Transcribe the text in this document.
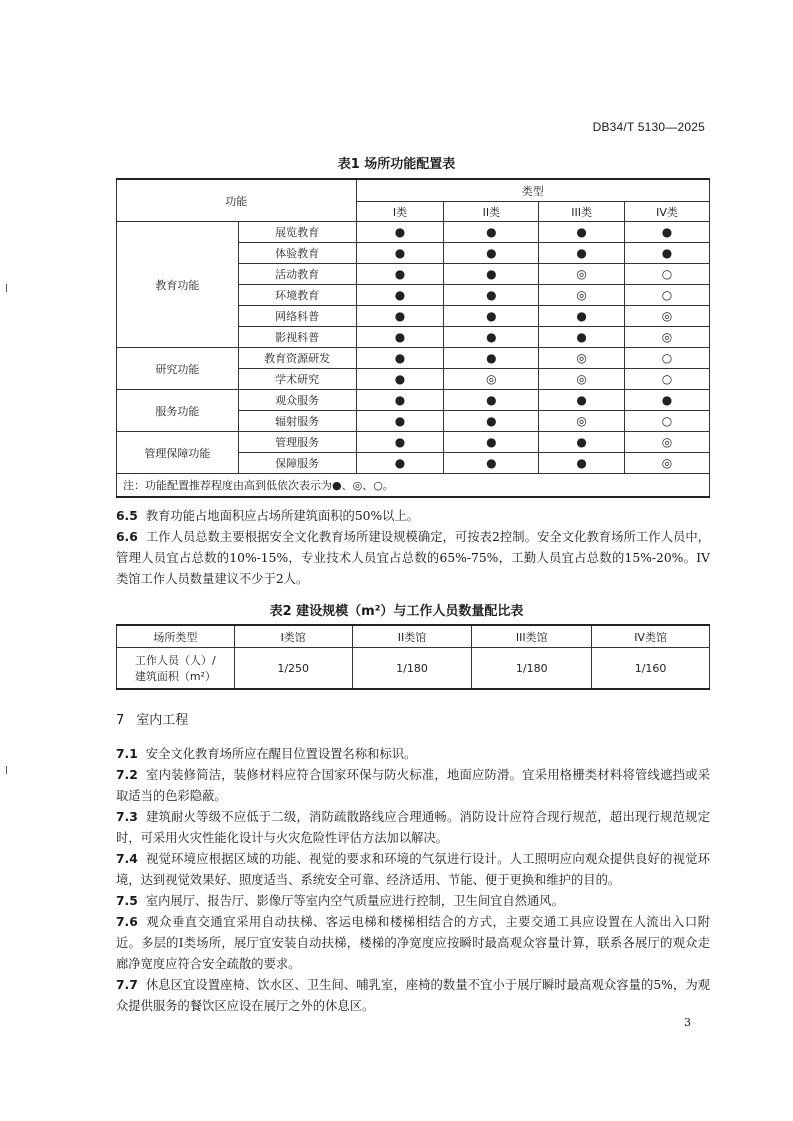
DB34/T 5130—2025
表1 场所功能配置表
功能		类型			
		I类	II类	III类	IV类
教育功能	展览教育	●	●	●	●
	体验教育	●	●	●	●
	活动教育	●	●	◎	○
	环境教育	●	●	◎	○
	网络科普	●	●	●	◎
	影视科普	●	●	●	◎
研究功能	教育资源研发	●	●	◎	○
	学术研究	●	◎	◎	○
服务功能	观众服务	●	●	●	●
	辐射服务	●	●	◎	○
管理保障功能	管理服务	●	●	●	◎
	保障服务	●	●	●	◎
注：功能配置推荐程度由高到低依次表示为●、◎、○。					
6.5 教育功能占地面积应占场所建筑面积的50%以上。
6.6 工作人员总数主要根据安全文化教育场所建设规模确定，可按表2控制。安全文化教育场所工作人员中，管理人员宜占总数的10%-15%，专业技术人员宜占总数的65%-75%，工勤人员宜占总数的15%-20%。IV类馆工作人员数量建议不少于2人。
表2 建设规模（m²）与工作人员数量配比表
场所类型	I类馆	II类馆	III类馆	IV类馆

工作人员（人）/
建筑面积（m²）	1/250	1/180	1/180	1/160
7 室内工程
7.1 安全文化教育场所应在醒目位置设置名称和标识。
7.2 室内装修简洁，装修材料应符合国家环保与防火标准，地面应防滑。宜采用格栅类材料将管线遮挡或采取适当的色彩隐蔽。
7.3 建筑耐火等级不应低于二级，消防疏散路线应合理通畅。消防设计应符合现行规范，超出现行规范规定时，可采用火灾性能化设计与火灾危险性评估方法加以解决。
7.4 视觉环境应根据区域的功能、视觉的要求和环境的气氛进行设计。人工照明应向观众提供良好的视觉环境，达到视觉效果好、照度适当、系统安全可靠、经济适用、节能、便于更换和维护的目的。
7.5 室内展厅、报告厅、影像厅等室内空气质量应进行控制，卫生间宜自然通风。
7.6 观众垂直交通宜采用自动扶梯、客运电梯和楼梯相结合的方式，主要交通工具应设置在人流出入口附近。多层的I类场所，展厅宜安装自动扶梯，楼梯的净宽度应按瞬时最高观众容量计算，联系各展厅的观众走廊净宽度应符合安全疏散的要求。
7.7 休息区宜设置座椅、饮水区、卫生间、哺乳室，座椅的数量不宜小于展厅瞬时最高观众容量的5%，为观众提供服务的餐饮区应设在展厅之外的休息区。
3
